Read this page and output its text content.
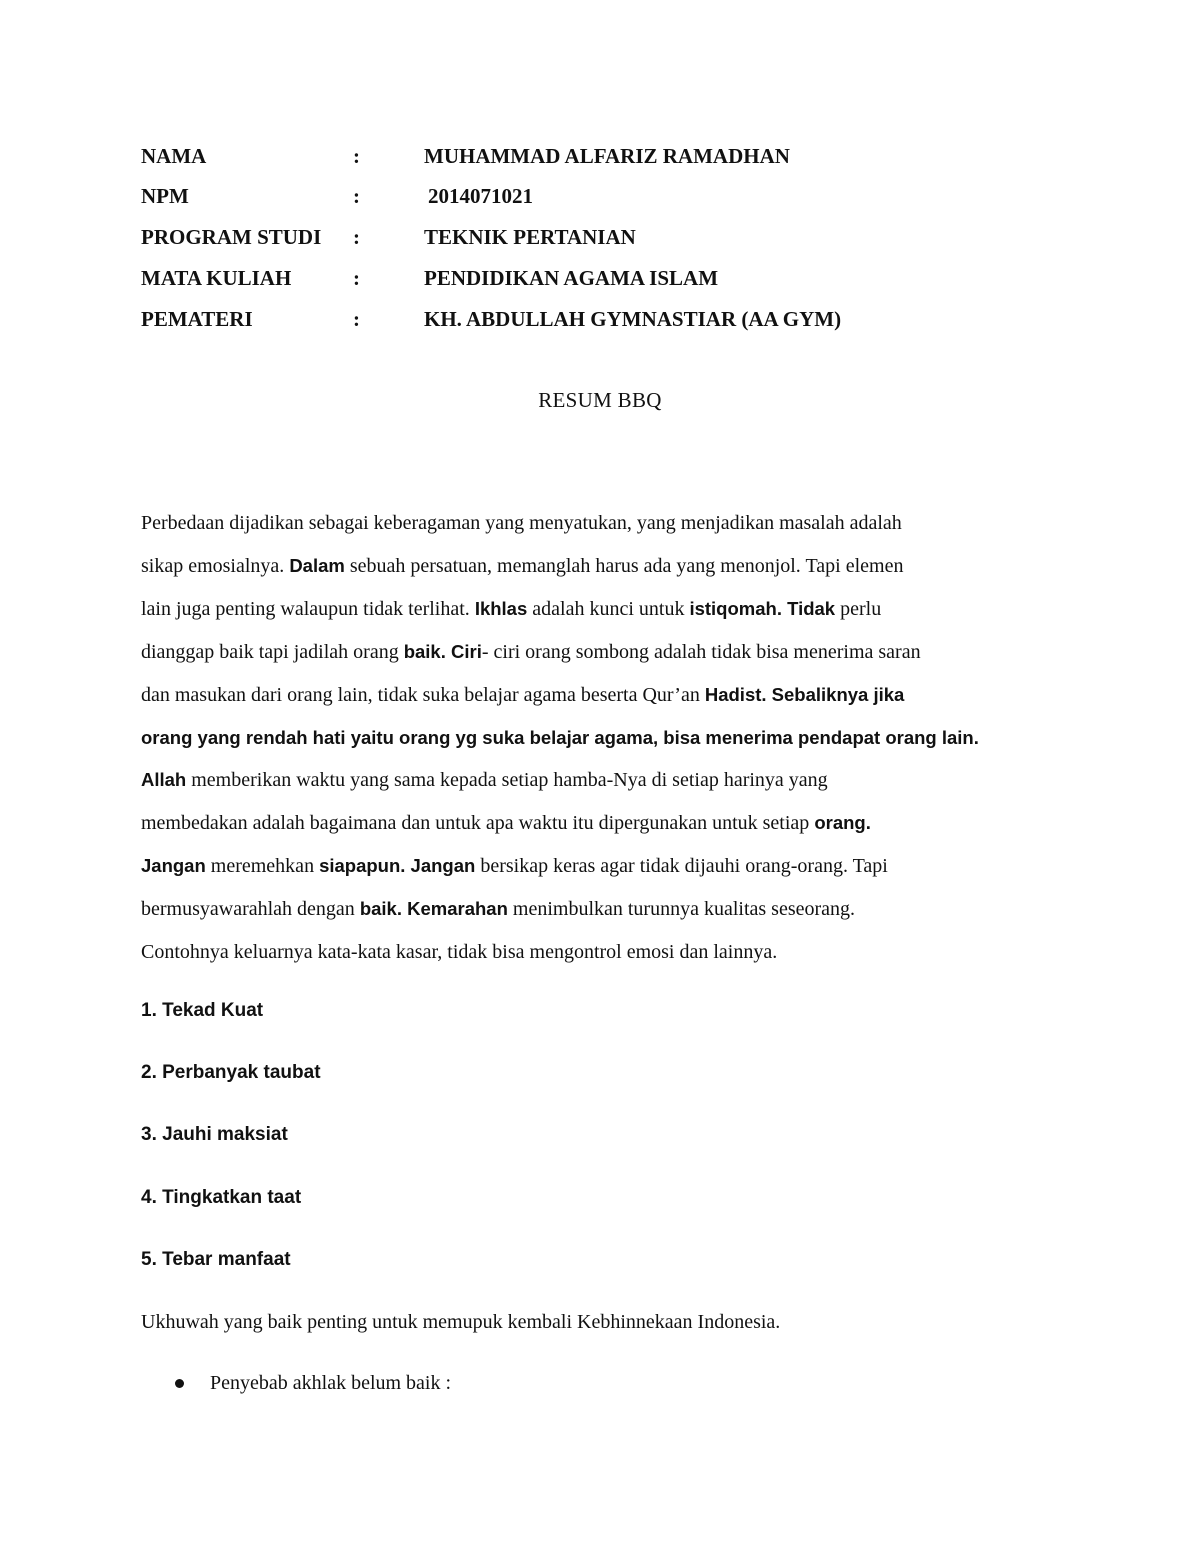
NAMA	:	MUHAMMAD ALFARIZ RAMADHAN
NPM	:	2014071021
PROGRAM STUDI :	TEKNIK PERTANIAN
MATA KULIAH	:	PENDIDIKAN AGAMA ISLAM
PEMATERI	:	KH. ABDULLAH GYMNASTIAR (AA GYM)
RESUM BBQ
Perbedaan dijadikan sebagai keberagaman yang menyatukan, yang menjadikan masalah adalah
sikap emosialnya. Dalam sebuah persatuan, memanglah harus ada yang menonjol. Tapi elemen
lain juga penting walaupun tidak terlihat. Ikhlas adalah kunci untuk istiqomah. Tidak perlu
dianggap baik tapi jadilah orang baik. Ciri- ciri orang sombong adalah tidak bisa menerima saran
dan masukan dari orang lain, tidak suka belajar agama beserta Qur’an Hadist. Sebaliknya jika
orang yang rendah hati yaitu orang yg suka belajar agama, bisa menerima pendapat orang lain.
Allah memberikan waktu yang sama kepada setiap hamba-Nya di setiap harinya yang
membedakan adalah bagaimana dan untuk apa waktu itu dipergunakan untuk setiap orang.
Jangan meremehkan siapapun. Jangan bersikap keras agar tidak dijauhi orang-orang. Tapi
bermusyawarahlah dengan baik. Kemarahan menimbulkan turunnya kualitas seseorang.
Contohnya keluarnya kata-kata kasar, tidak bisa mengontrol emosi dan lainnya.
1. Tekad Kuat
2. Perbanyak taubat
3. Jauhi maksiat
4. Tingkatkan taat
5. Tebar manfaat
Ukhuwah yang baik penting untuk memupuk kembali Kebhinnekaan Indonesia.
Penyebab akhlak belum baik :
